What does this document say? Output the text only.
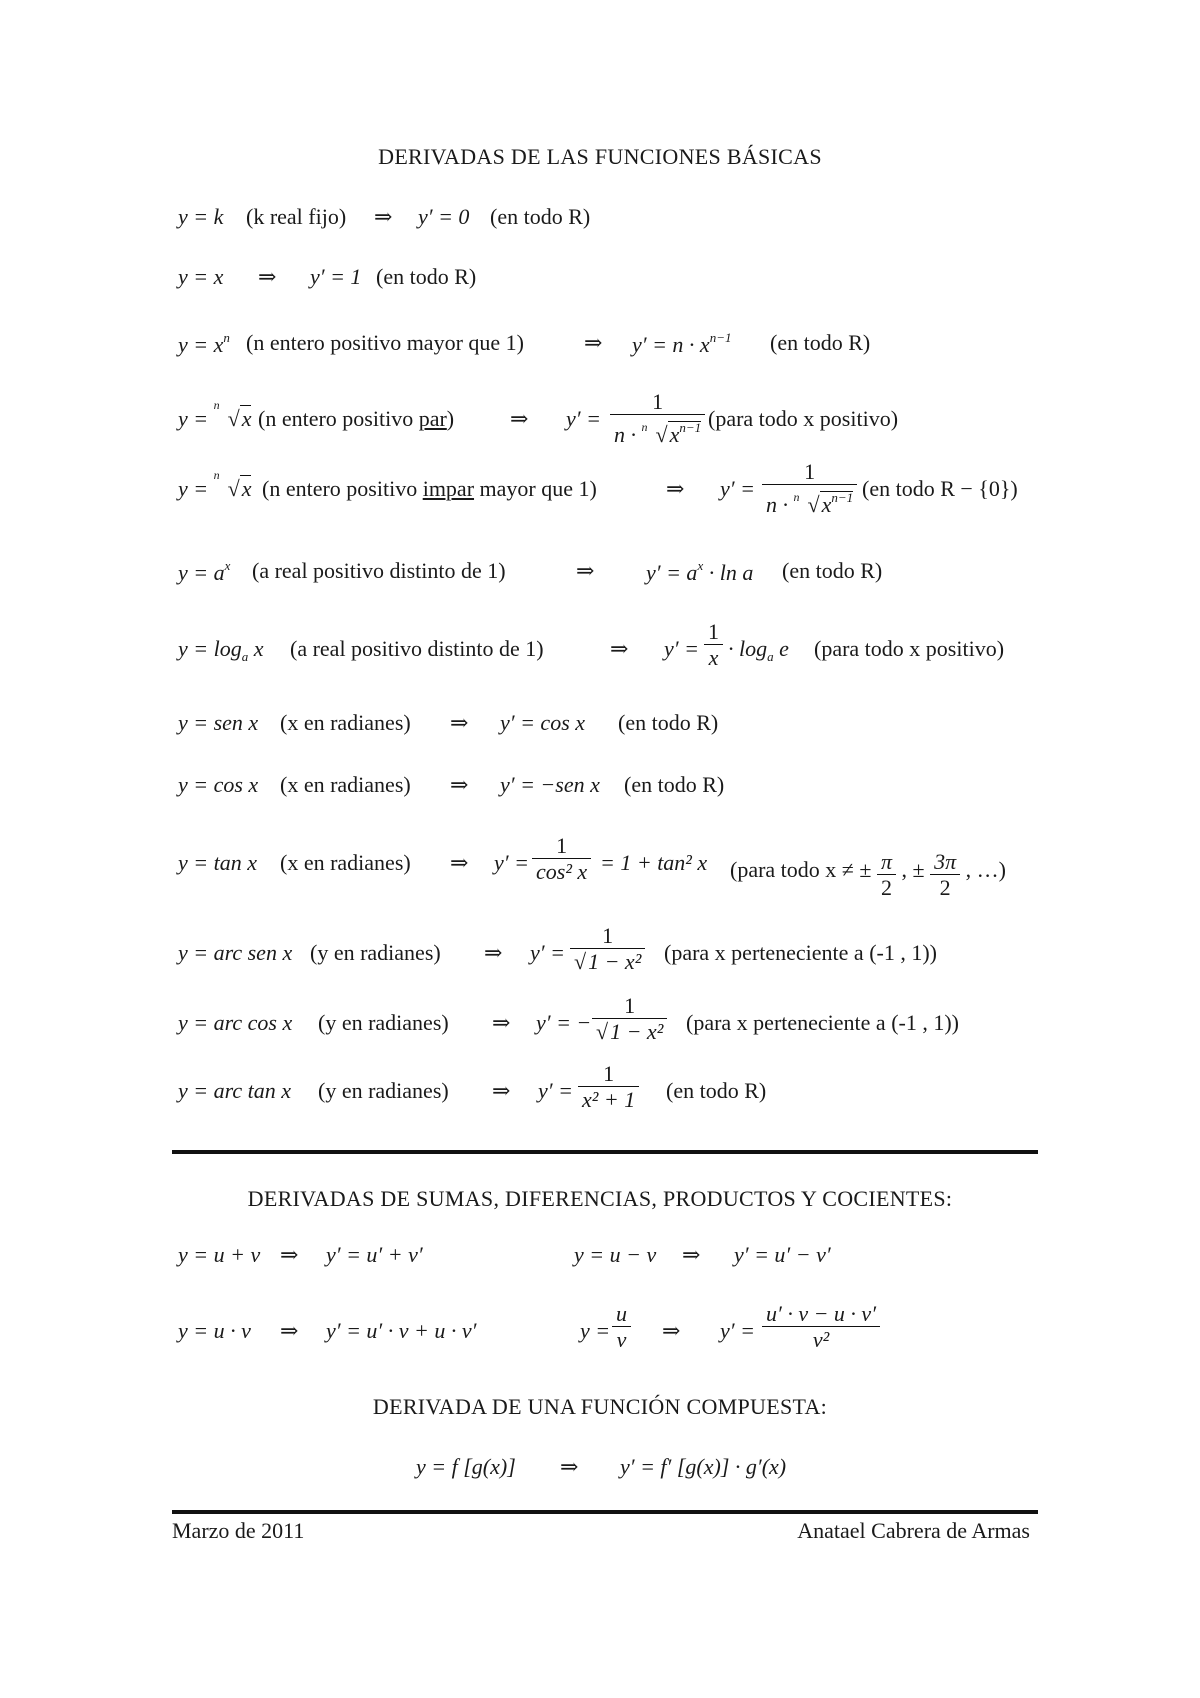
DERIVADAS DE LAS FUNCIONES BÁSICAS
y = k (k real fijo) ⇒ y′ = 0 (en todo R)
y = x ⇒ y′ = 1 (en todo R)
$y = x^n$ (n entero positivo mayor que 1)	⇒ $y' = n \cdot x^{n-1}$ (en todo R)
y =
n
√x (n entero positivo par)	⇒ $y' = \frac{1}{n \cdot n √x^{n-1}}$ (para todo x positivo)
y =
n
√x (n entero positivo impar mayor que 1)	⇒ $y' = \frac{1}{n \cdot n √x^{n-1}} (en$ todo R − {0})
$y = a^x$ (a real positivo distinto de 1)	⇒ $y' = a^x \cdot \ln a$ (en todo R)
$y = \log_a x$ (a real positivo distinto de 1)	⇒ $y' = \frac{1}{x} \cdot \log_a e$ (para todo x positivo)
y = sen x (x en radianes) ⇒ y′ = cos x (en todo R)
y = cos x (x en radianes) ⇒ y′ = −sen x (en todo R)
y = tan x (x en radianes) ⇒ $y' = \frac{1}{\text{cos² x}} = 1 + \tan^2$ x (para todo x ≠ ± $\frac{\pi}{2}$ , ± $\frac{3\pi}{2}$ , …)
y = arc sen x (y en radianes) ⇒ $y' = \frac{1}{\text{√1 − x²}}$ (para x perteneciente a (-1 , 1))
y = arc cos x (y en radianes) ⇒ y′ = − $\frac{1}{\text{√1 − x²}}$ (para x perteneciente a (-1 , 1))
y = arc tan x (y en radianes) ⇒ $y' = \frac{1}{\text{x² + 1}} (en$ todo R)
DERIVADAS DE SUMAS, DIFERENCIAS, PRODUCTOS Y COCIENTES:
y = u + v ⇒ y′ = u′ + v′	y = u − v ⇒ y′ = u′ − v′
y = u · v ⇒ y′ = u′ · v + u · v′	$y = \frac{u}{v}$ ⇒ $y' = \frac{u' \cdot v - u \cdot v'}{\text{v²}}$
DERIVADA DE UNA FUNCIÓN COMPUESTA:
y = f [g(x)] ⇒ y′ = f′ [g(x)] · g′(x)
Marzo de 2011	Anatael Cabrera de Armas
